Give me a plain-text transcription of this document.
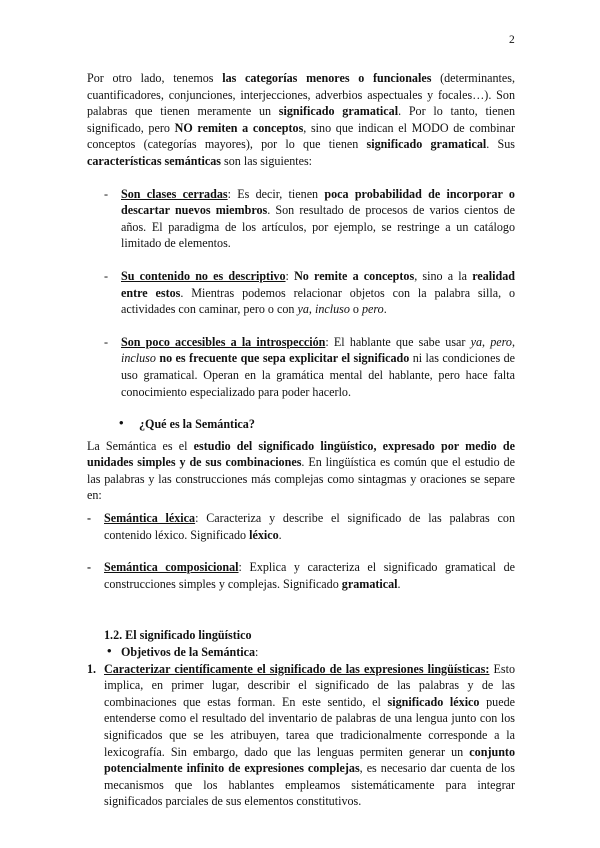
2

Por otro lado, tenemos las categorías menores o funcionales (determinantes, cuantificadores, conjunciones, interjecciones, adverbios aspectuales y focales…). Son palabras que tienen meramente un significado gramatical. Por lo tanto, tienen significado, pero NO remiten a conceptos, sino que indican el MODO de combinar conceptos (categorías mayores), por lo que tienen significado gramatical. Sus características semánticas son las siguientes:

- Son clases cerradas: Es decir, tienen poca probabilidad de incorporar o descartar nuevos miembros. Son resultado de procesos de varios cientos de años. El paradigma de los artículos, por ejemplo, se restringe a un catálogo limitado de elementos.
- Su contenido no es descriptivo: No remite a conceptos, sino a la realidad entre estos. Mientras podemos relacionar objetos con la palabra silla, o actividades con caminar, pero o con ya, incluso o pero.
- Son poco accesibles a la introspección: El hablante que sabe usar ya, pero, incluso no es frecuente que sepa explicitar el significado ni las condiciones de uso gramatical. Operan en la gramática mental del hablante, pero hace falta conocimiento especializado para poder hacerlo.
• ¿Qué es la Semántica?

La Semántica es el estudio del significado lingüístico, expresado por medio de unidades simples y de sus combinaciones. En lingüística es común que el estudio de las palabras y las construcciones más complejas como sintagmas y oraciones se separe en:

- Semántica léxica: Caracteriza y describe el significado de las palabras con contenido léxico. Significado léxico.
- Semántica composicional: Explica y caracteriza el significado gramatical de construcciones simples y complejas. Significado gramatical.
1.2. El significado lingüístico
• Objetivos de la Semántica:
1. Caracterizar científicamente el significado de las expresiones lingüísticas: Esto implica, en primer lugar, describir el significado de las palabras y de las combinaciones que estas forman. En este sentido, el significado léxico puede entenderse como el resultado del inventario de palabras de una lengua junto con los significados que se les atribuyen, tarea que tradicionalmente corresponde a la lexicografía. Sin embargo, dado que las lenguas permiten generar un conjunto potencialmente infinito de expresiones complejas, es necesario dar cuenta de los mecanismos que los hablantes empleamos sistemáticamente para integrar significados parciales de sus elementos constitutivos.
